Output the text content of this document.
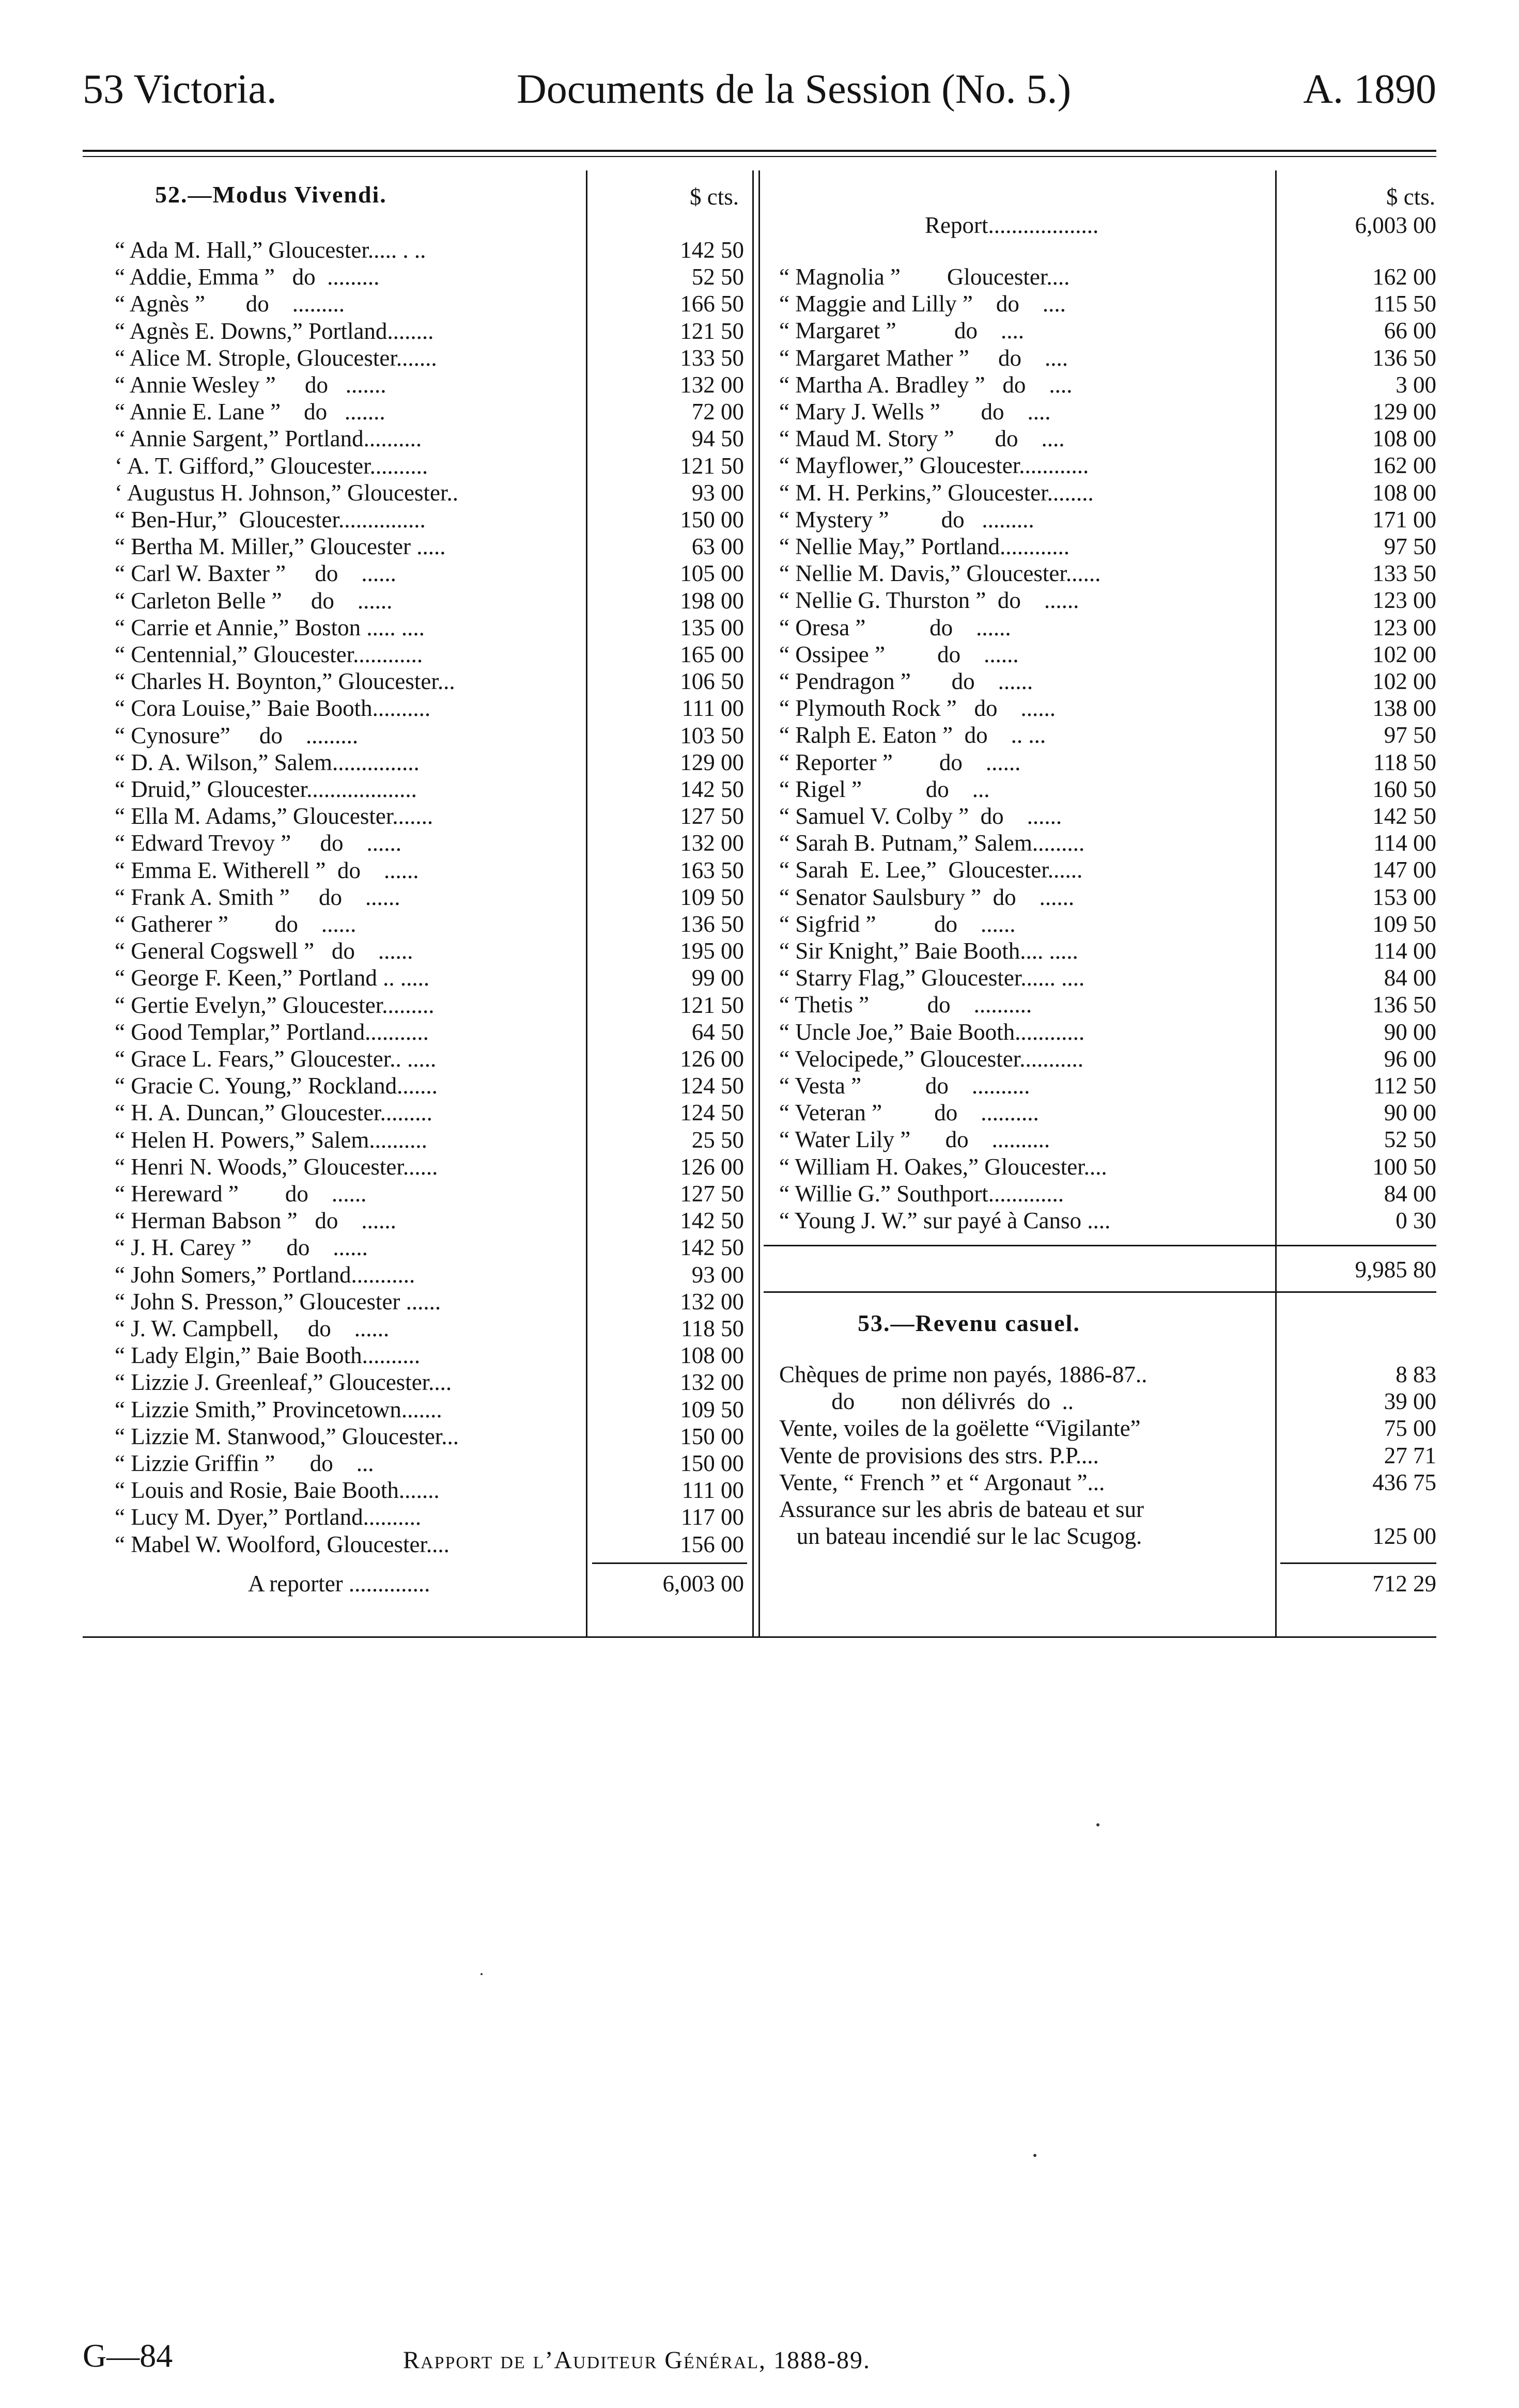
53 Victoria.	Documents de la Session (No. 5.)	A. 1890
52.—Modus Vivendi.	$ cts.
“ Ada M. Hall,” Gloucester..... . ..	142 50
“ Addie, Emma ”   do  .........	52 50
“ Agnès ”       do    .........	166 50
“ Agnès E. Downs,” Portland........	121 50
“ Alice M. Strople, Gloucester.......	133 50
“ Annie Wesley ”     do   .......	132 00
“ Annie E. Lane ”    do   .......	72 00
“ Annie Sargent,” Portland..........	94 50
‘ A. T. Gifford,” Gloucester..........	121 50
‘ Augustus H. Johnson,” Gloucester..	93 00
“ Ben-Hur,”  Gloucester...............	150 00
“ Bertha M. Miller,” Gloucester .....	63 00
“ Carl W. Baxter ”     do    ......	105 00
“ Carleton Belle ”     do    ......	198 00
“ Carrie et Annie,” Boston ..... ....	135 00
“ Centennial,” Gloucester............	165 00
“ Charles H. Boynton,” Gloucester...	106 50
“ Cora Louise,” Baie Booth..........	111 00
“ Cynosure”     do    .........	103 50
“ D. A. Wilson,” Salem...............	129 00
“ Druid,” Gloucester...................	142 50
“ Ella M. Adams,” Gloucester.......	127 50
“ Edward Trevoy ”     do    ......	132 00
“ Emma E. Witherell ”  do    ......	163 50
“ Frank A. Smith ”     do    ......	109 50
“ Gatherer ”        do    ......	136 50
“ General Cogswell ”   do    ......	195 00
“ George F. Keen,” Portland .. .....	99 00
“ Gertie Evelyn,” Gloucester.........	121 50
“ Good Templar,” Portland...........	64 50
“ Grace L. Fears,” Gloucester.. .....	126 00
“ Gracie C. Young,” Rockland.......	124 50
“ H. A. Duncan,” Gloucester.........	124 50
“ Helen H. Powers,” Salem..........	25 50
“ Henri N. Woods,” Gloucester......	126 00
“ Hereward ”        do    ......	127 50
“ Herman Babson ”   do    ......	142 50
“ J. H. Carey ”      do    ......	142 50
“ John Somers,” Portland...........	93 00
“ John S. Presson,” Gloucester ......	132 00
“ J. W. Campbell,     do    ......	118 50
“ Lady Elgin,” Baie Booth..........	108 00
“ Lizzie J. Greenleaf,” Gloucester....	132 00
“ Lizzie Smith,” Provincetown.......	109 50
“ Lizzie M. Stanwood,” Gloucester...	150 00
“ Lizzie Griffin ”      do    ...	150 00
“ Louis and Rosie, Baie Booth.......	111 00
“ Lucy M. Dyer,” Portland..........	117 00
“ Mabel W. Woolford, Gloucester....	156 00
A reporter ..............	6,003 00
$ cts.
Report...................	6,003 00
“ Magnolia ”        Gloucester....	162 00
“ Maggie and Lilly ”    do    ....	115 50
“ Margaret ”          do    ....	66 00
“ Margaret Mather ”     do    ....	136 50
“ Martha A. Bradley ”   do    ....	3 00
“ Mary J. Wells ”       do    ....	129 00
“ Maud M. Story ”       do    ....	108 00
“ Mayflower,” Gloucester............	162 00
“ M. H. Perkins,” Gloucester........	108 00
“ Mystery ”         do   .........	171 00
“ Nellie May,” Portland............	97 50
“ Nellie M. Davis,” Gloucester......	133 50
“ Nellie G. Thurston ”  do    ......	123 00
“ Oresa ”           do    ......	123 00
“ Ossipee ”         do    ......	102 00
“ Pendragon ”       do    ......	102 00
“ Plymouth Rock ”   do    ......	138 00
“ Ralph E. Eaton ”  do    .. ...	97 50
“ Reporter ”        do    ......	118 50
“ Rigel ”           do    ...	160 50
“ Samuel V. Colby ”  do    ......	142 50
“ Sarah B. Putnam,” Salem.........	114 00
“ Sarah  E. Lee,”  Gloucester......	147 00
“ Senator Saulsbury ”  do    ......	153 00
“ Sigfrid ”          do    ......	109 50
“ Sir Knight,” Baie Booth.... .....	114 00
“ Starry Flag,” Gloucester...... ....	84 00
“ Thetis ”          do    ..........	136 50
“ Uncle Joe,” Baie Booth............	90 00
“ Velocipede,” Gloucester...........	96 00
“ Vesta ”           do    ..........	112 50
“ Veteran ”         do    ..........	90 00
“ Water Lily ”      do    ..........	52 50
“ William H. Oakes,” Gloucester....	100 50
“ Willie G.” Southport.............	84 00
“ Young J. W.” sur payé à Canso ....	0 30
9,985 80
53.—Revenu casuel.
Chèques de prime non payés, 1886-87..	8 83
do        non délivrés  do  ..	39 00
Vente, voiles de la goëlette “Vigilante”	75 00
Vente de provisions des strs. P.P....	27 71
Vente, “ French ” et “ Argonaut ”...	436 75
Assurance sur les abris de bateau et sur
un bateau incendié sur le lac Scugog.	125 00
712 29
G—84	Rapport de l’Auditeur Général, 1888-89.
